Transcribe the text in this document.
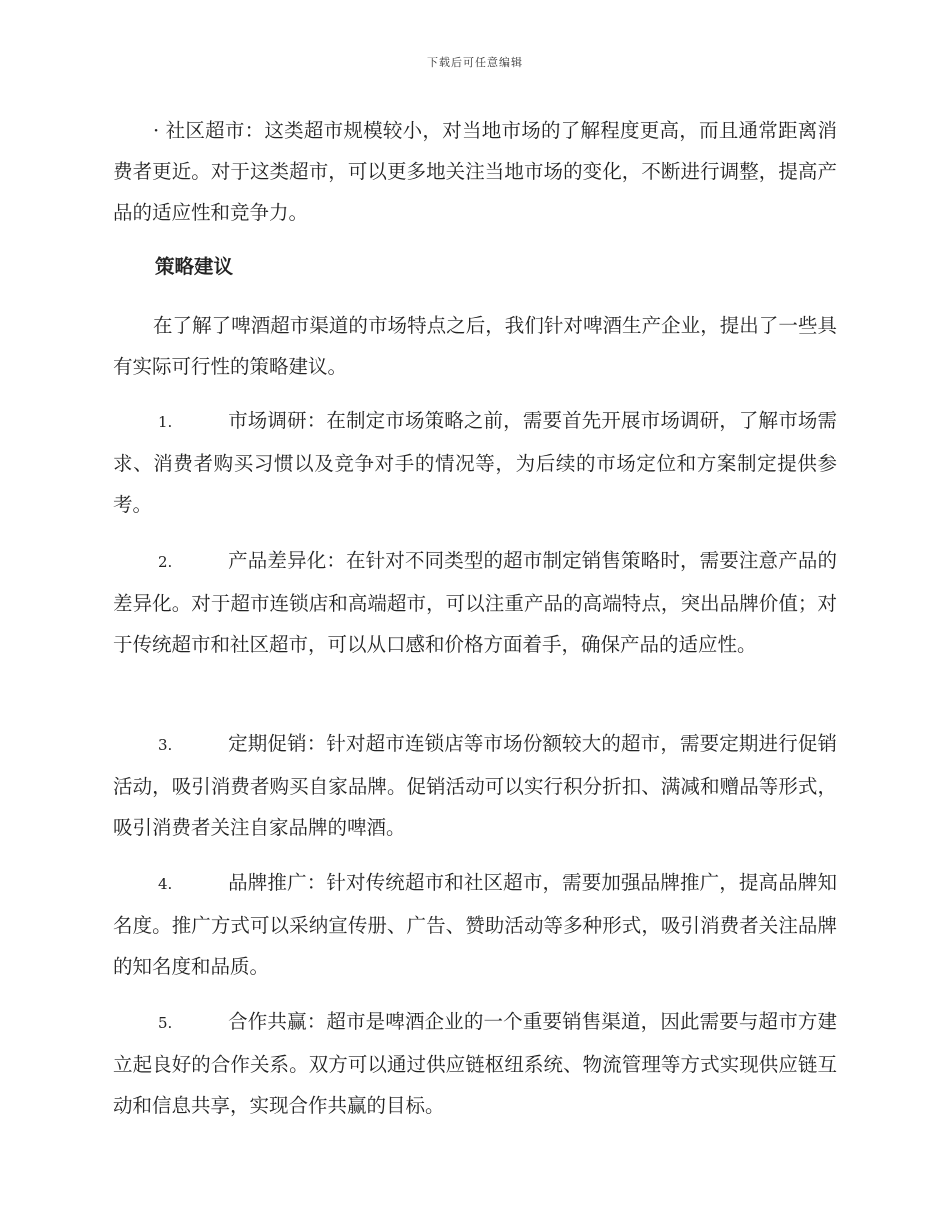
下载后可任意编辑
· 社区超市：这类超市规模较小，对当地市场的了解程度更高，而且通常距离消费者更近。对于这类超市，可以更多地关注当地市场的变化，不断进行调整，提高产品的适应性和竞争力。
策略建议
在了解了啤酒超市渠道的市场特点之后，我们针对啤酒生产企业，提出了一些具有实际可行性的策略建议。
1.	市场调研：在制定市场策略之前，需要首先开展市场调研，了解市场需求、消费者购买习惯以及竞争对手的情况等，为后续的市场定位和方案制定提供参考。
2.	产品差异化：在针对不同类型的超市制定销售策略时，需要注意产品的差异化。对于超市连锁店和高端超市，可以注重产品的高端特点，突出品牌价值；对于传统超市和社区超市，可以从口感和价格方面着手，确保产品的适应性。
3.	定期促销：针对超市连锁店等市场份额较大的超市，需要定期进行促销活动，吸引消费者购买自家品牌。促销活动可以实行积分折扣、满减和赠品等形式，吸引消费者关注自家品牌的啤酒。
4.	品牌推广：针对传统超市和社区超市，需要加强品牌推广，提高品牌知名度。推广方式可以采纳宣传册、广告、赞助活动等多种形式，吸引消费者关注品牌的知名度和品质。
5.	合作共赢：超市是啤酒企业的一个重要销售渠道，因此需要与超市方建立起良好的合作关系。双方可以通过供应链枢纽系统、物流管理等方式实现供应链互动和信息共享，实现合作共赢的目标。
